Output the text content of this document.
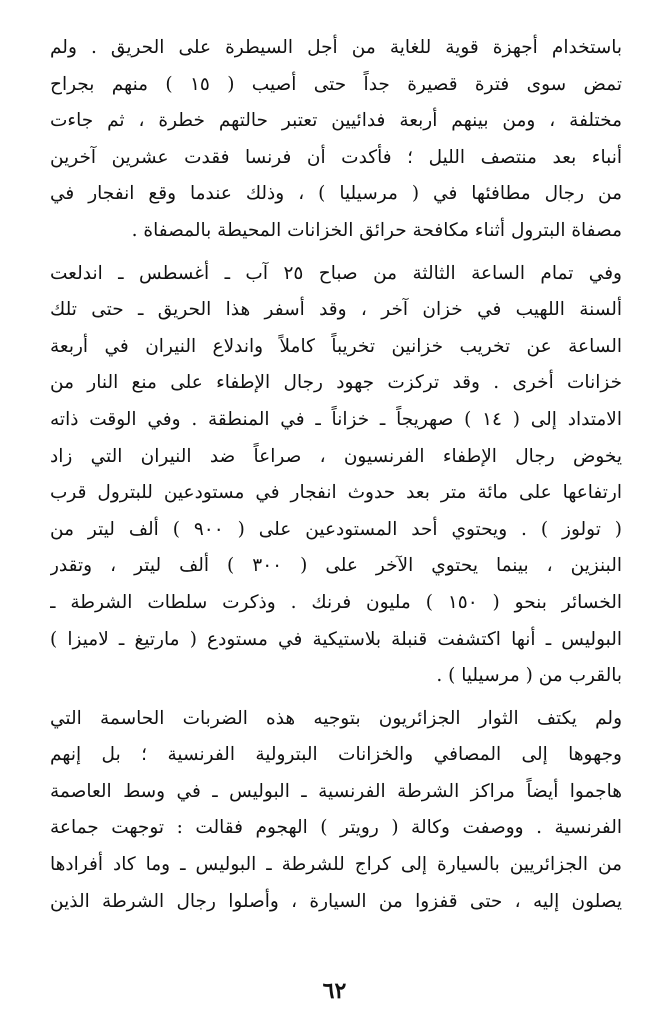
باستخدام أجهزة قوية للغاية من أجل السيطرة على الحريق . ولم
تمض سوى فترة قصيرة جداً حتى أصيب ( ١٥ ) منهم بجراح
مختلفة ، ومن بينهم أربعة فدائيين تعتبر حالتهم خطرة ، ثم جاءت
أنباء بعد منتصف الليل ؛ فأكدت أن فرنسا فقدت عشرين آخرين
من رجال مطافئها في ( مرسيليا ) ، وذلك عندما وقع انفجار في
مصفاة البترول أثناء مكافحة حرائق الخزانات المحيطة بالمصفاة .
وفي تمام الساعة الثالثة من صباح ٢٥ آب ـ أغسطس ـ اندلعت
ألسنة اللهيب في خزان آخر ، وقد أسفر هذا الحريق ـ حتى تلك
الساعة عن تخريب خزانين تخريباً كاملاً واندلاع النيران في أربعة
خزانات أخرى . وقد تركزت جهود رجال الإطفاء على منع النار من
الامتداد إلى ( ١٤ ) صهريجاً ـ خزاناً ـ في المنطقة . وفي الوقت ذاته
يخوض رجال الإطفاء الفرنسيون ، صراعاً ضد النيران التي زاد
ارتفاعها على مائة متر بعد حدوث انفجار في مستودعين للبترول قرب
( تولوز ) . ويحتوي أحد المستودعين على ( ٩٠٠ ) ألف ليتر من
البنزين ، بينما يحتوي الآخر على ( ٣٠٠ ) ألف ليتر ، وتقدر
الخسائر بنحو ( ١٥٠ ) مليون فرنك . وذكرت سلطات الشرطة ـ
البوليس ـ أنها اكتشفت قنبلة بلاستيكية في مستودع ( مارتيغ ـ لاميزا )
بالقرب من ( مرسيليا ) .
ولم يكتف الثوار الجزائريون بتوجيه هذه الضربات الحاسمة التي
وجهوها إلى المصافي والخزانات البترولية الفرنسية ؛ بل إنهم
هاجموا أيضاً مراكز الشرطة الفرنسية ـ البوليس ـ في وسط العاصمة
الفرنسية . ووصفت وكالة ( رويتر ) الهجوم فقالت : توجهت جماعة
من الجزائريين بالسيارة إلى كراج للشرطة ـ البوليس ـ وما كاد أفرادها
يصلون إليه ، حتى قفزوا من السيارة ، وأصلوا رجال الشرطة الذين
٦٢
